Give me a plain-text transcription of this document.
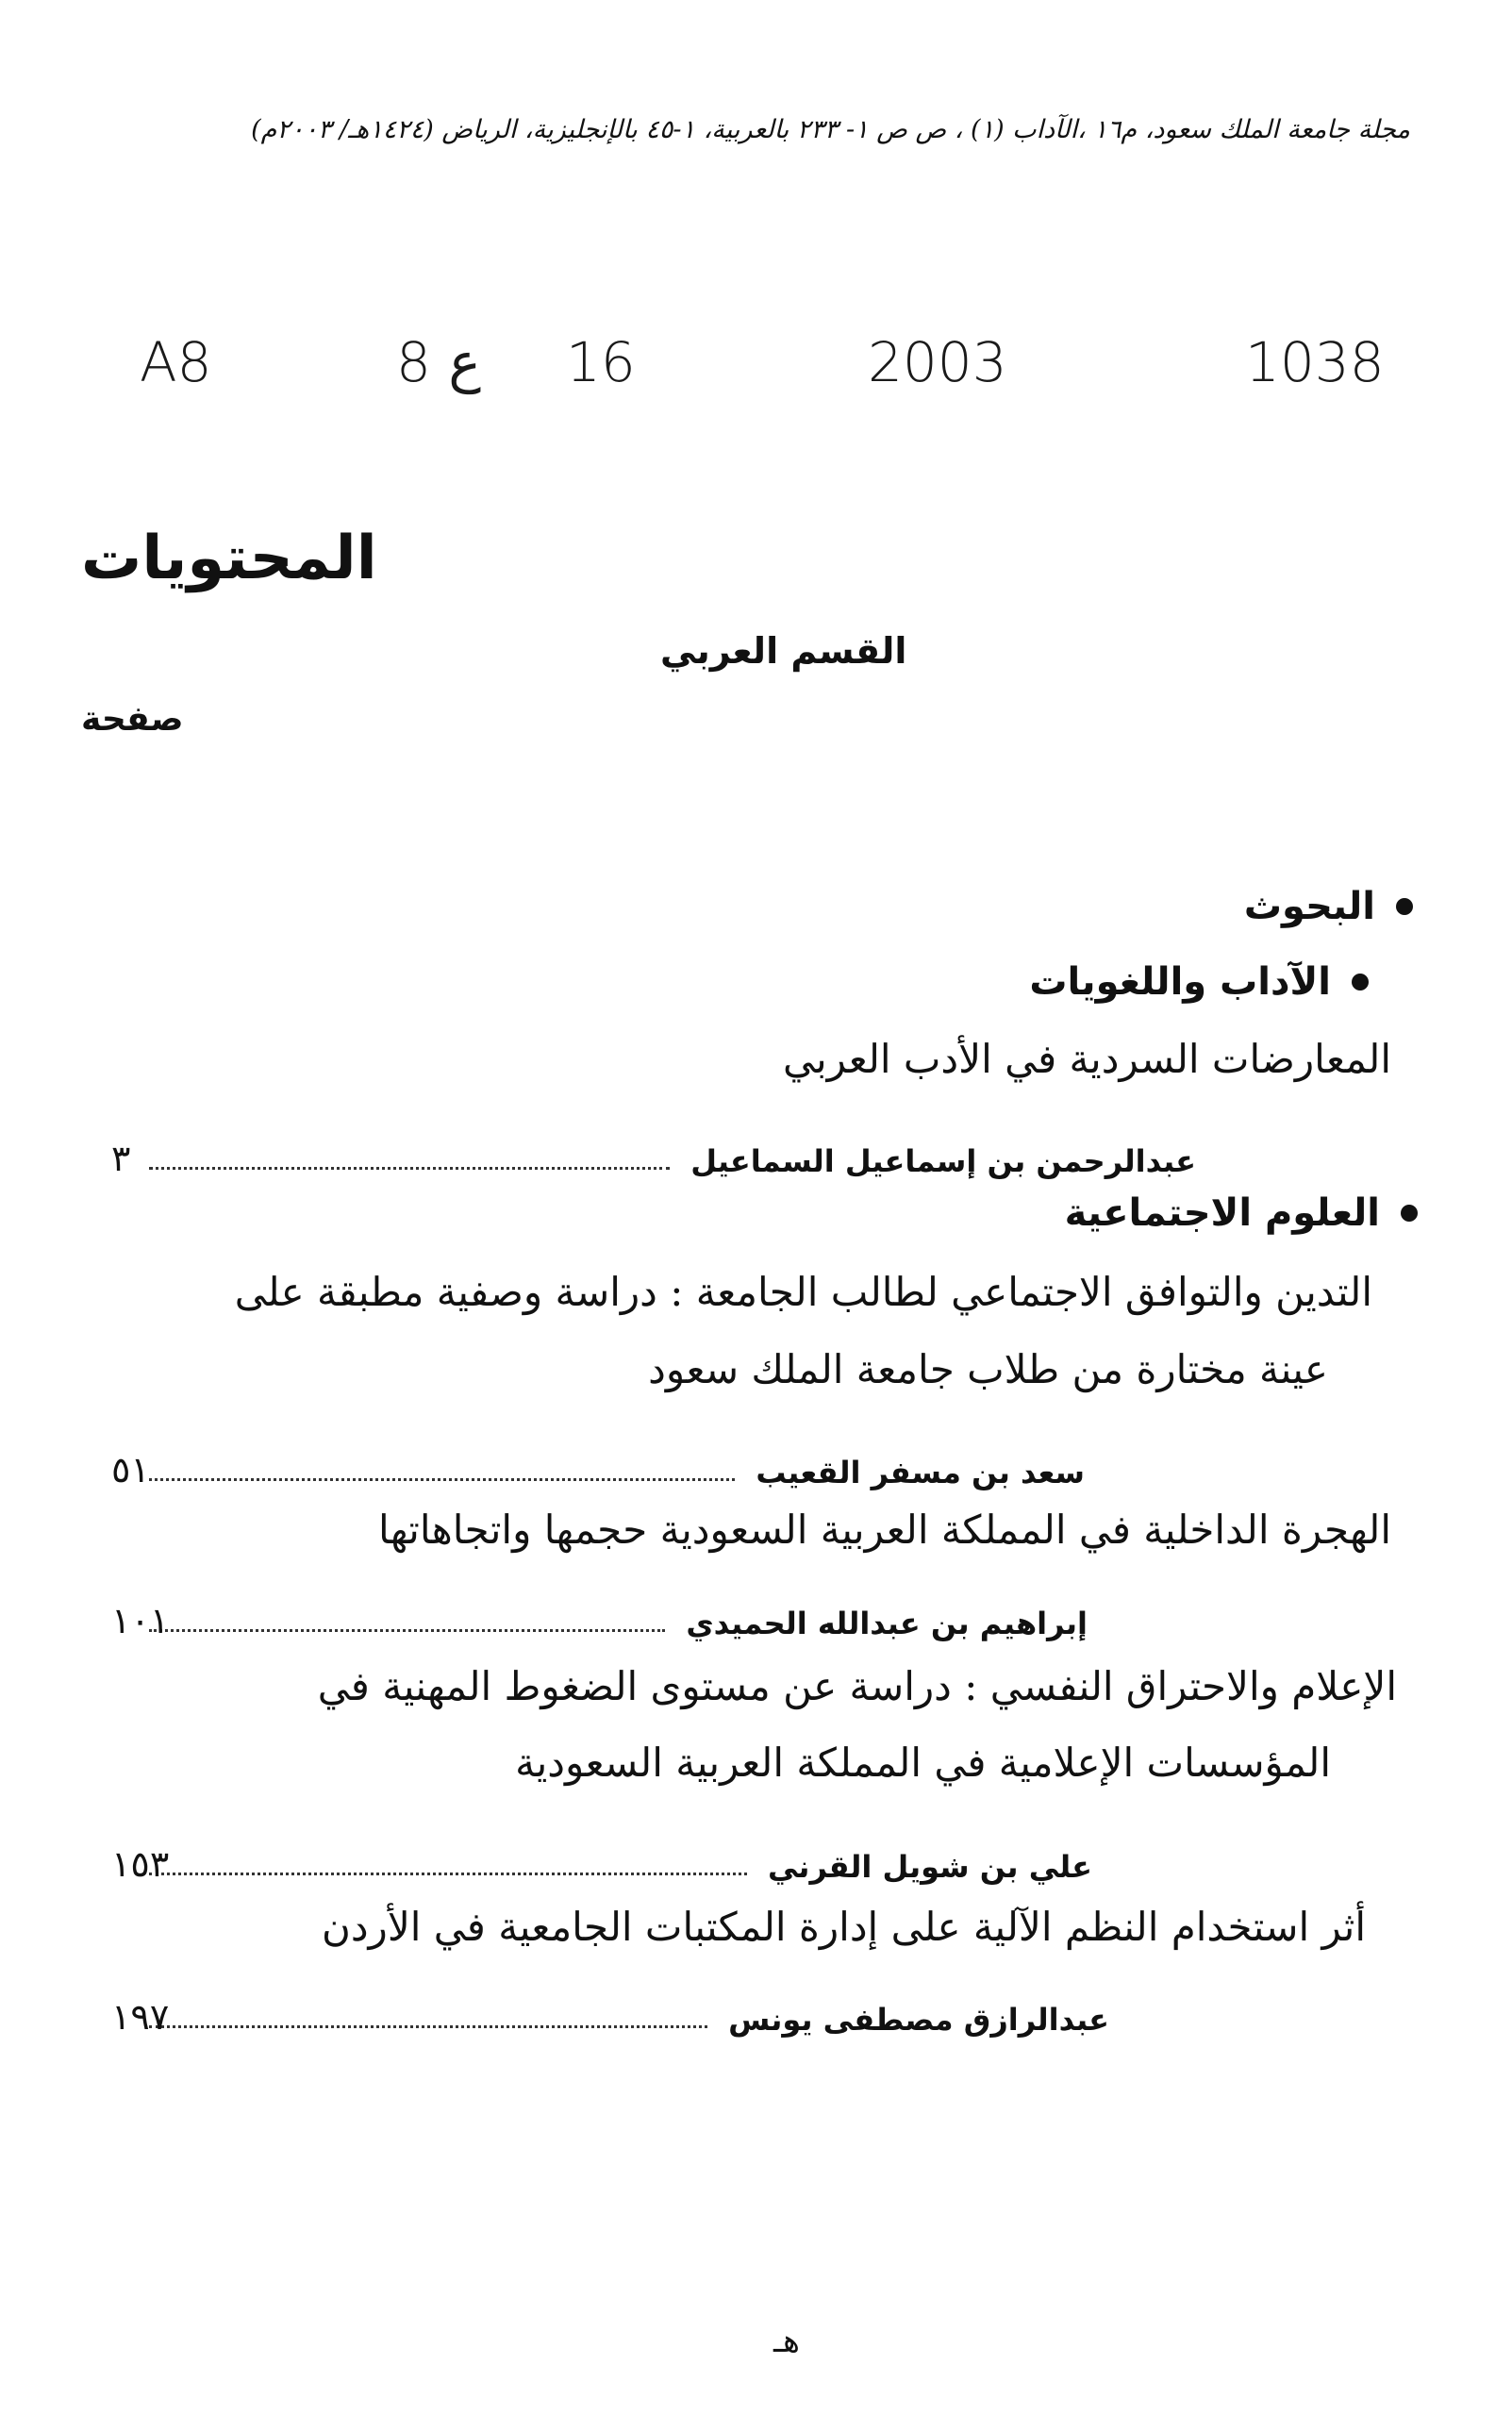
مجلة جامعة الملك سعود، م١٦ ،الآداب (١) ، ص ص ١- ٢٣٣ بالعربية، ١-٤٥ بالإنجليزية، الرياض (١٤٢٤هـ/ ٢٠٠٣م)
1038
2003
16
8 ع
A8
المحتويات
القسم العربي
صفحة
البحوث
الآداب واللغويات
المعارضات السردية في الأدب العربي
عبدالرحمن بن إسماعيل السماعيل
٣
العلوم الاجتماعية
التدين والتوافق الاجتماعي لطالب الجامعة : دراسة وصفية مطبقة على
عينة مختارة من طلاب جامعة الملك سعود
سعد بن مسفر القعيب
٥١
الهجرة الداخلية في المملكة العربية السعودية حجمها واتجاهاتها
إبراهيم بن عبدالله الحميدي
١٠١
الإعلام والاحتراق النفسي : دراسة عن مستوى الضغوط المهنية في
المؤسسات الإعلامية في المملكة العربية السعودية
علي بن شويل القرني
١٥٣
أثر استخدام النظم الآلية على إدارة المكتبات الجامعية في الأردن
عبدالرازق مصطفى يونس
١٩٧
هـ
